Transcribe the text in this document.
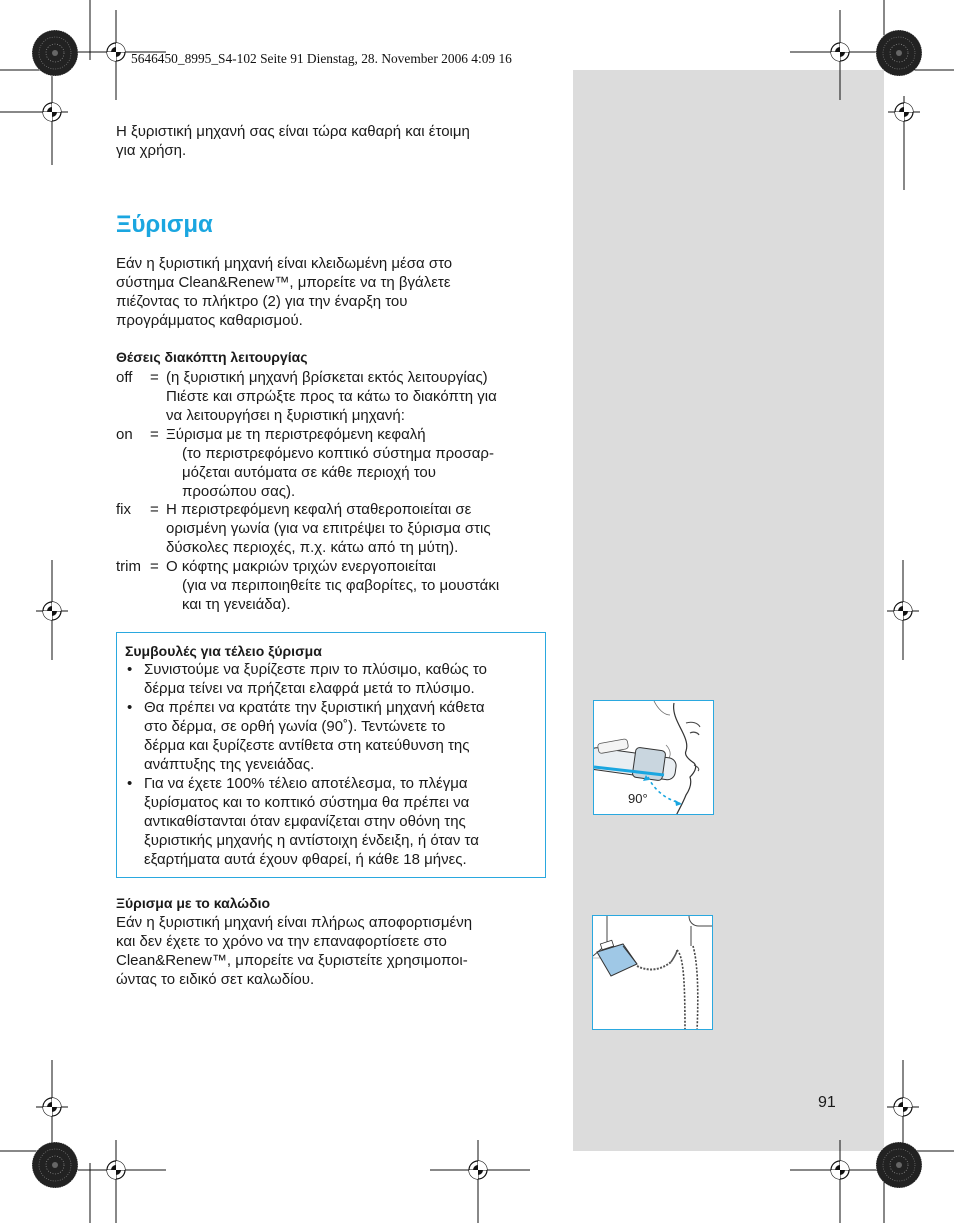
5646450_8995_S4-102 Seite 91 Dienstag, 28. November 2006 4:09 16
Η ξυριστική μηχανή σας είναι τώρα καθαρή και έτοιμη
για χρήση.
Ξύρισμα
Εάν η ξυριστική μηχανή είναι κλειδωμένη μέσα στο
σύστημα Clean&Renew™, μπορείτε να τη βγάλετε
πιέζοντας το πλήκτρο (2) για την έναρξη του
προγράμματος καθαρισμού.
Θέσεις διακόπτη λειτουργίας
off = (η ξυριστική μηχανή βρίσκεται εκτός λειτουργίας)
Πιέστε και σπρώξτε προς τα κάτω το διακόπτη για
να λειτουργήσει η ξυριστική μηχανή:
on = Ξύρισμα με τη περιστρεφόμενη κεφαλή
(το περιστρεφόμενο κοπτικό σύστημα προσαρ-
μόζεται αυτόματα σε κάθε περιοχή του
προσώπου σας).
fix = Η περιστρεφόμενη κεφαλή σταθεροποιείται σε
ορισμένη γωνία (για να επιτρέψει το ξύρισμα στις
δύσκολες περιοχές, π.χ. κάτω από τη μύτη).
trim = Ο κόφτης μακριών τριχών ενεργοποιείται
(για να περιποιηθείτε τις φαβορίτες, το μουστάκι
και τη γενειάδα).
Συμβουλές για τέλειο ξύρισμα
• Συνιστούμε να ξυρίζεστε πριν το πλύσιμο, καθώς το
δέρμα τείνει να πρήζεται ελαφρά μετά το πλύσιμο.
• Θα πρέπει να κρατάτε την ξυριστική μηχανή κάθετα
στο δέρμα, σε ορθή γωνία (90˚). Τεντώνετε το
δέρμα και ξυρίζεστε αντίθετα στη κατεύθυνση της
ανάπτυξης της γενειάδας.
• Για να έχετε 100% τέλειο αποτέλεσμα, το πλέγμα
ξυρίσματος και το κοπτικό σύστημα θα πρέπει να
αντικαθίστανται όταν εμφανίζεται στην οθόνη της
ξυριστικής μηχανής η αντίστοιχη ένδειξη, ή όταν τα
εξαρτήματα αυτά έχουν φθαρεί, ή κάθε 18 μήνες.
Ξύρισμα με το καλώδιο
Εάν η ξυριστική μηχανή είναι πλήρως αποφορτισμένη
και δεν έχετε το χρόνο να την επαναφορτίσετε στο
Clean&Renew™, μπορείτε να ξυριστείτε χρησιμοποι-
ώντας το ειδικό σετ καλωδίου.
90°
91
